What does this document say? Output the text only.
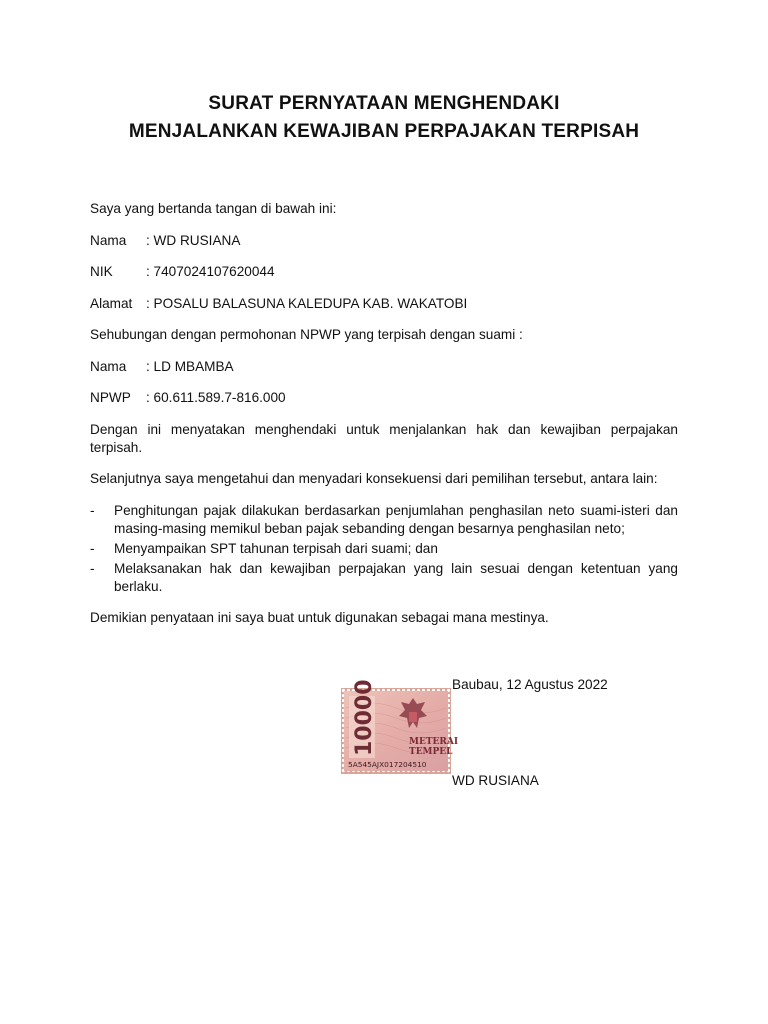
SURAT PERNYATAAN MENGHENDAKI
MENJALANKAN KEWAJIBAN PERPAJAKAN TERPISAH

Saya yang bertanda tangan di bawah ini:

Nama	: WD RUSIANA
NIK	: 7407024107620044
Alamat	: POSALU BALASUNA KALEDUPA KAB. WAKATOBI

Sehubungan dengan permohonan NPWP yang terpisah dengan suami :

Nama	: LD MBAMBA
NPWP	: 60.611.589.7-816.000

Dengan ini menyatakan menghendaki untuk menjalankan hak dan kewajiban perpajakan terpisah.

Selanjutnya saya mengetahui dan menyadari konsekuensi dari pemilihan tersebut, antara lain:

-	Penghitungan pajak dilakukan berdasarkan penjumlahan penghasilan neto suami-isteri dan masing-masing memikul beban pajak sebanding dengan besarnya penghasilan neto;
-	Menyampaikan SPT tahunan terpisah dari suami; dan
-	Melaksanakan hak dan kewajiban perpajakan yang lain sesuai dengan ketentuan yang berlaku.

Demikian penyataan ini saya buat untuk digunakan sebagai mana mestinya.

Baubau, 12 Agustus 2022
10000	METERAI
TEMPEL
5A545AJX017204510
WD RUSIANA
